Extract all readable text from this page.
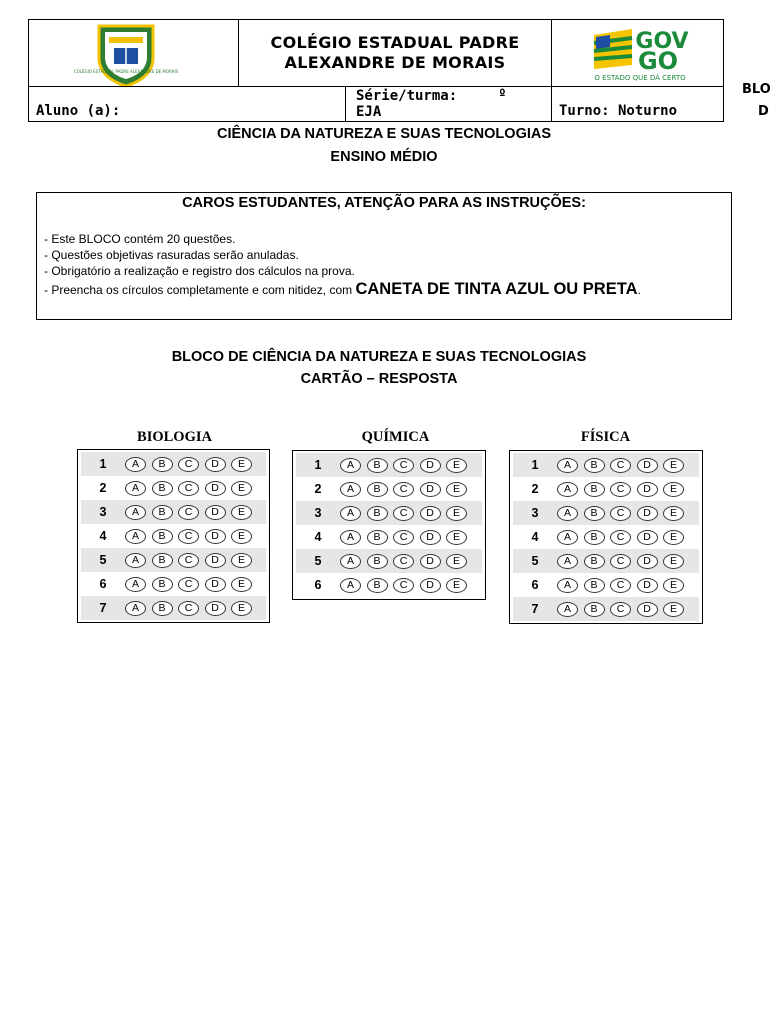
COLÉGIO ESTADUAL PADRE ALEXANDRE DE MORAIS
COLÉGIO ESTADUAL PADRE
ALEXANDRE DE MORAIS
GOV
GO
O ESTADO QUE DÁ CERTO
Aluno (a):
Série/turma:	º
EJA	Turno: Noturno
BLO
D
CIÊNCIA DA NATUREZA E SUAS TECNOLOGIAS
ENSINO MÉDIO
CAROS ESTUDANTES, ATENÇÃO PARA AS INSTRUÇÕES:
- Este BLOCO contém 20 questões.
- Questões objetivas rasuradas serão anuladas.
- Obrigatório a realização e registro dos cálculos na prova.
- Preencha os círculos completamente e com nitidez, com CANETA DE TINTA AZUL OU PRETA.
BLOCO DE CIÊNCIA DA NATUREZA E SUAS TECNOLOGIAS
CARTÃO – RESPOSTA
BIOLOGIA	QUÍMICA	FÍSICA
1	A	B	C	D	E
2	A	B	C	D	E
3	A	B	C	D	E
4	A	B	C	D	E
5	A	B	C	D	E
6	A	B	C	D	E
7	A	B	C	D	E
1	A	B	C	D	E
2	A	B	C	D	E
3	A	B	C	D	E
4	A	B	C	D	E
5	A	B	C	D	E
6	A	B	C	D	E
1	A	B	C	D	E
2	A	B	C	D	E
3	A	B	C	D	E
4	A	B	C	D	E
5	A	B	C	D	E
6	A	B	C	D	E
7	A	B	C	D	E
